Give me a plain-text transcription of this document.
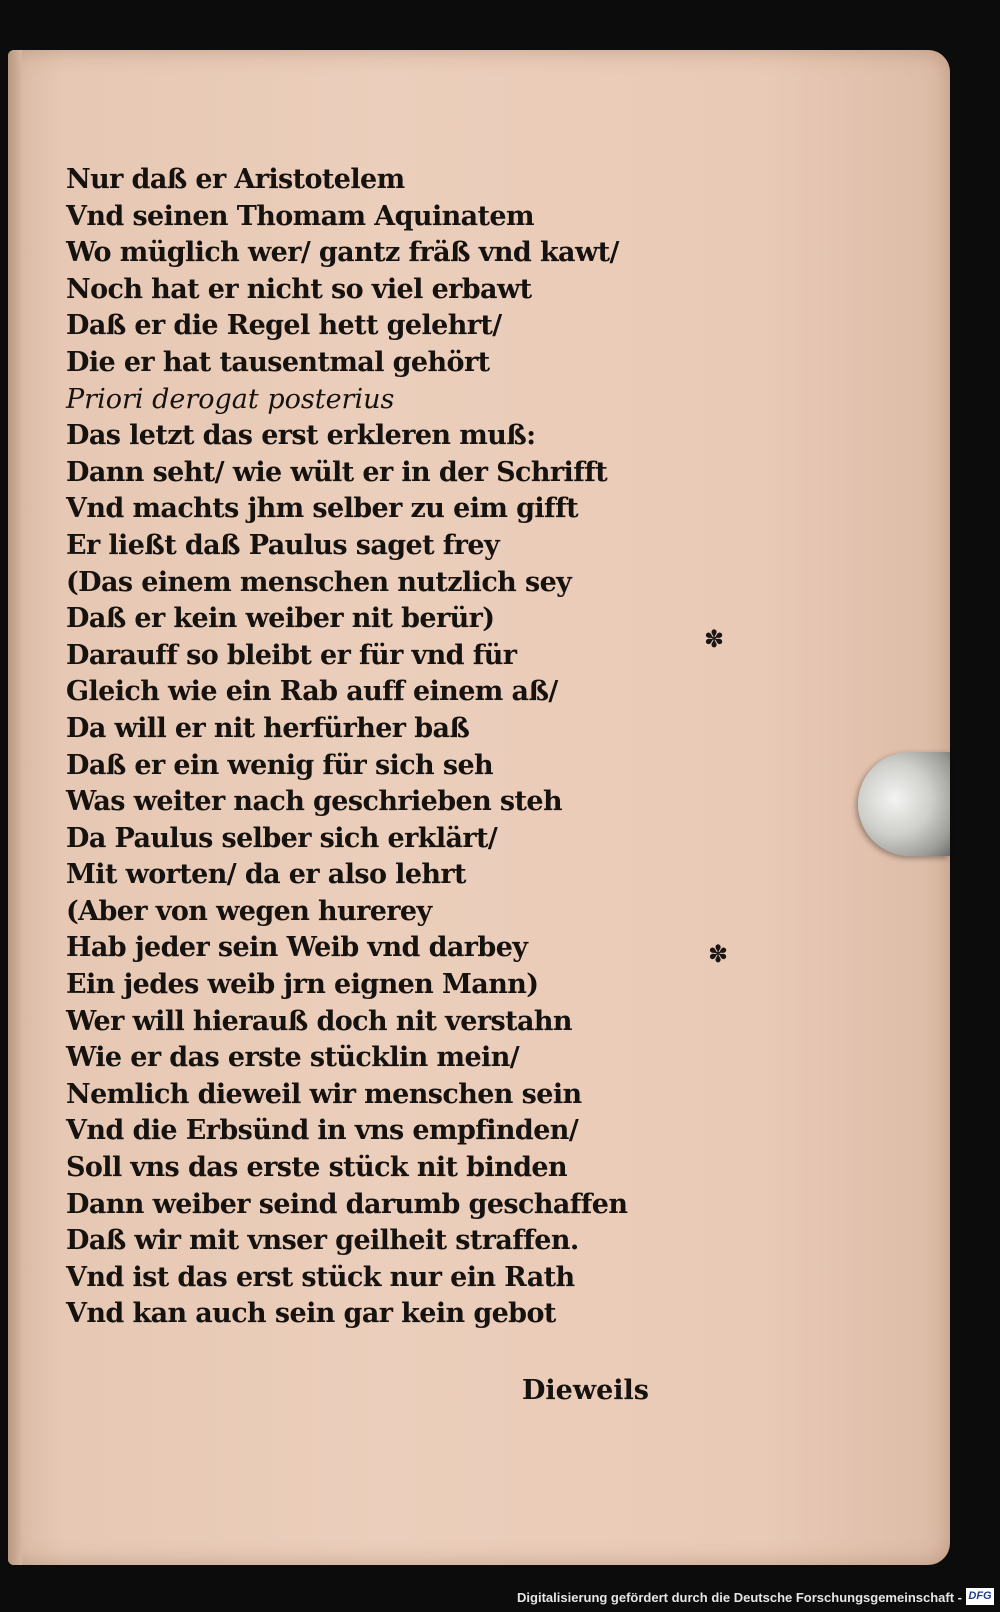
Nur daß er Aristotelem
Vnd seinen Thomam Aquinatem
Wo müglich wer/ gantz fräß vnd kawt/
Noch hat er nicht so viel erbawt
Daß er die Regel hett gelehrt/
Die er hat tausentmal gehört
Priori derogat posterius
Das letzt das erst erkleren muß:
Dann seht/ wie wült er in der Schrifft
Vnd machts jhm selber zu eim gifft
Er ließt daß Paulus saget frey
(Das einem menschen nutzlich sey
Daß er kein weiber nit berür)
Darauff so bleibt er für vnd für
Gleich wie ein Rab auff einem aß/
Da will er nit herfürher baß
Daß er ein wenig für sich seh
Was weiter nach geschrieben steh
Da Paulus selber sich erklärt/
Mit worten/ da er also lehrt
(Aber von wegen hurerey
Hab jeder sein Weib vnd darbey
Ein jedes weib jrn eignen Mann)
Wer will hierauß doch nit verstahn
Wie er das erste stücklin mein/
Nemlich dieweil wir menschen sein
Vnd die Erbsünd in vns empfinden/
Soll vns das erste stück nit binden
Dann weiber seind darumb geschaffen
Daß wir mit vnser geilheit straffen.
Vnd ist das erst stück nur ein Rath
Vnd kan auch sein gar kein gebot
Dieweils
✽
✽
Digitalisierung gefördert durch die Deutsche Forschungsgemeinschaft - DFG
